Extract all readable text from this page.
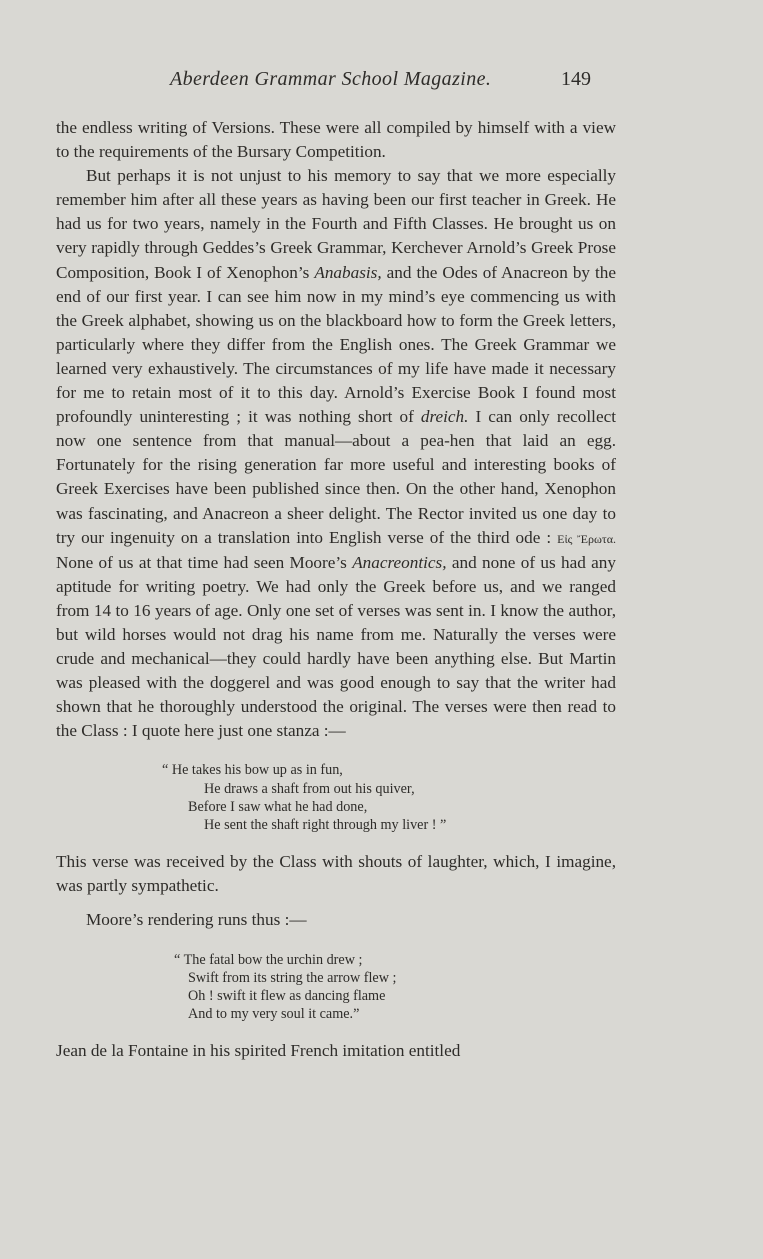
Aberdeen Grammar School Magazine.	149

the endless writing of Versions. These were all compiled by himself with a view to the requirements of the Bursary Competition.

But perhaps it is not unjust to his memory to say that we more especially remember him after all these years as having been our first teacher in Greek. He had us for two years, namely in the Fourth and Fifth Classes. He brought us on very rapidly through Geddes’s Greek Grammar, Kerchever Arnold’s Greek Prose Composition, Book I of Xenophon’s Anabasis, and the Odes of Anacreon by the end of our first year. I can see him now in my mind’s eye commencing us with the Greek alphabet, showing us on the blackboard how to form the Greek letters, particularly where they differ from the English ones. The Greek Grammar we learned very exhaustively. The circumstances of my life have made it necessary for me to retain most of it to this day. Arnold’s Exercise Book I found most profoundly uninteresting ; it was nothing short of dreich. I can only recollect now one sentence from that manual—about a pea-hen that laid an egg. Fortunately for the rising generation far more useful and interesting books of Greek Exercises have been published since then. On the other hand, Xenophon was fascinating, and Anacreon a sheer delight. The Rector invited us one day to try our ingenuity on a translation into English verse of the third ode : Εἰς Ἔρωτα. None of us at that time had seen Moore’s Anacreontics, and none of us had any aptitude for writing poetry. We had only the Greek before us, and we ranged from 14 to 16 years of age. Only one set of verses was sent in. I know the author, but wild horses would not drag his name from me. Naturally the verses were crude and mechanical—they could hardly have been anything else. But Martin was pleased with the doggerel and was good enough to say that the writer had shown that he thoroughly understood the original. The verses were then read to the Class : I quote here just one stanza :—

“ He takes his bow up as in fun,
He draws a shaft from out his quiver,
Before I saw what he had done,
He sent the shaft right through my liver ! ”

This verse was received by the Class with shouts of laughter, which, I imagine, was partly sympathetic.

Moore’s rendering runs thus :—

“ The fatal bow the urchin drew ;
Swift from its string the arrow flew ;
Oh ! swift it flew as dancing flame
And to my very soul it came.”

Jean de la Fontaine in his spirited French imitation entitled
